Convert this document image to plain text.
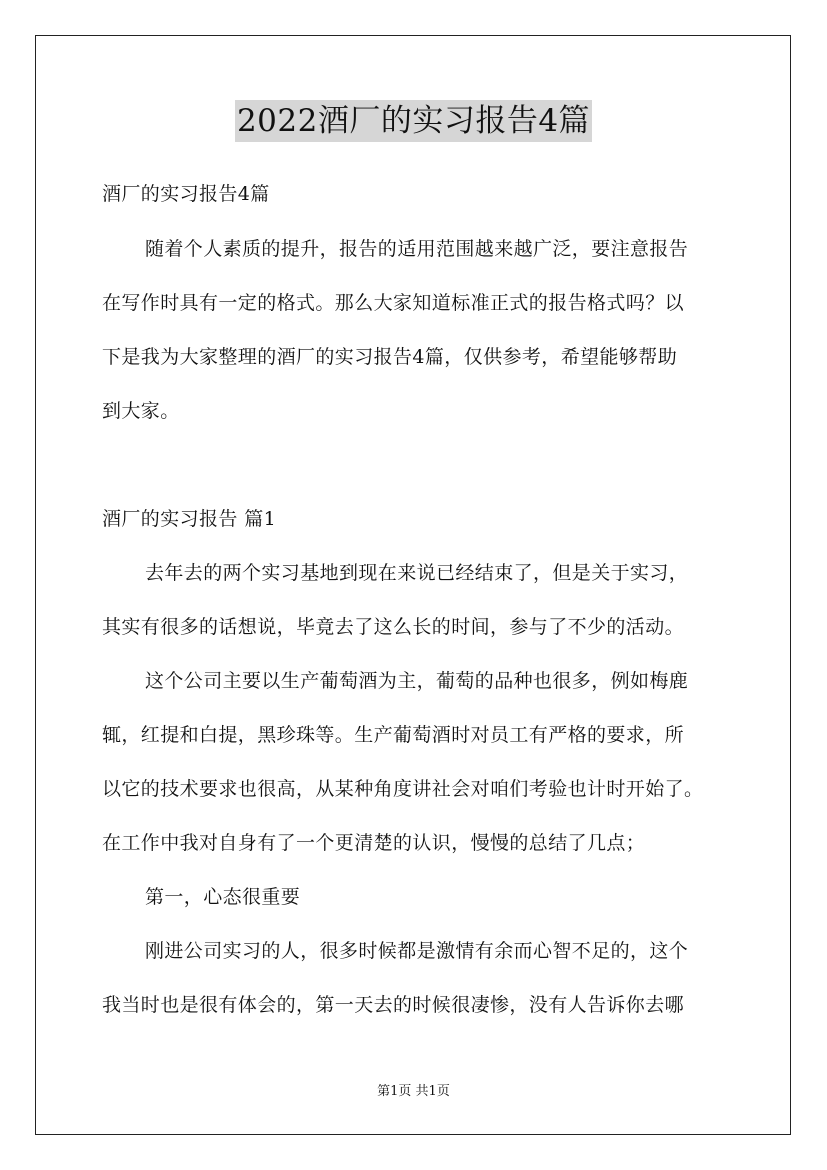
2022酒厂的实习报告4篇
酒厂的实习报告4篇
随着个人素质的提升，报告的适用范围越来越广泛，要注意报告
在写作时具有一定的格式。那么大家知道标准正式的报告格式吗？以
下是我为大家整理的酒厂的实习报告4篇，仅供参考，希望能够帮助
到大家。
酒厂的实习报告 篇1
去年去的两个实习基地到现在来说已经结束了，但是关于实习，
其实有很多的话想说，毕竟去了这么长的时间，参与了不少的活动。
这个公司主要以生产葡萄酒为主，葡萄的品种也很多，例如梅鹿
辄，红提和白提，黑珍珠等。生产葡萄酒时对员工有严格的要求，所
以它的技术要求也很高，从某种角度讲社会对咱们考验也计时开始了。
在工作中我对自身有了一个更清楚的认识，慢慢的总结了几点；
第一，心态很重要
刚进公司实习的人，很多时候都是激情有余而心智不足的，这个
我当时也是很有体会的，第一天去的时候很凄惨，没有人告诉你去哪
第1页 共1页
